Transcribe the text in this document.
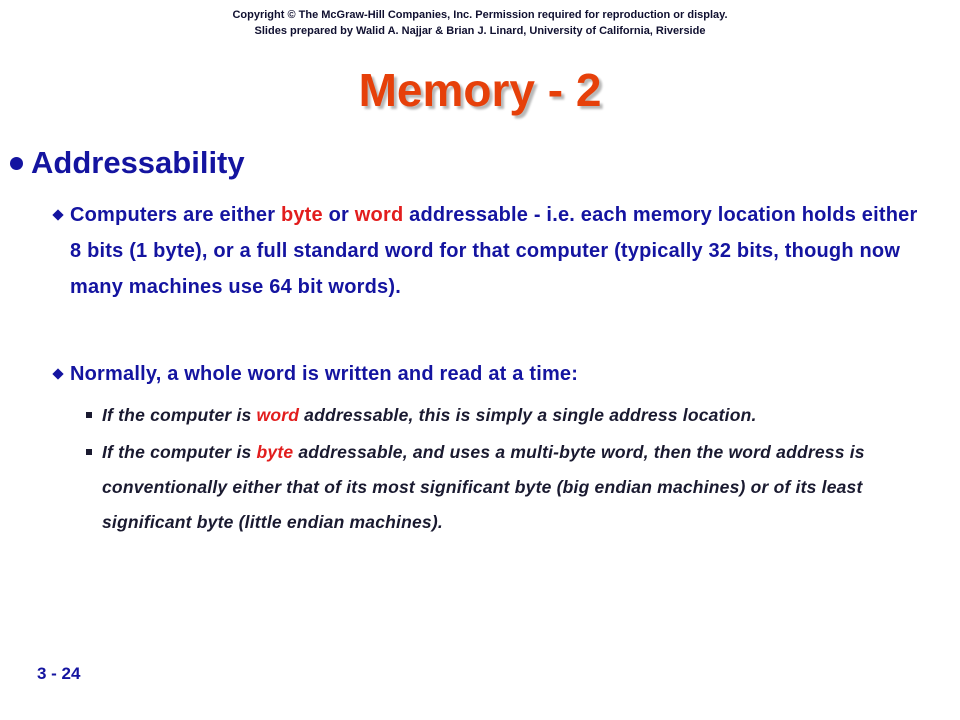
Copyright © The McGraw-Hill Companies, Inc. Permission required for reproduction or display.
Slides prepared by Walid A. Najjar & Brian J. Linard, University of California, Riverside
Memory - 2
Addressability
Computers are either byte or word addressable - i.e. each memory location holds either 8 bits (1 byte), or a full standard word for that computer (typically 32 bits, though now many machines use 64 bit words).
Normally, a whole word is written and read at a time:
If the computer is word addressable, this is simply a single address location.
If the computer is byte addressable, and uses a multi-byte word, then the word address is conventionally either that of its most significant byte (big endian machines) or of its least significant byte (little endian machines).
3 - 24
